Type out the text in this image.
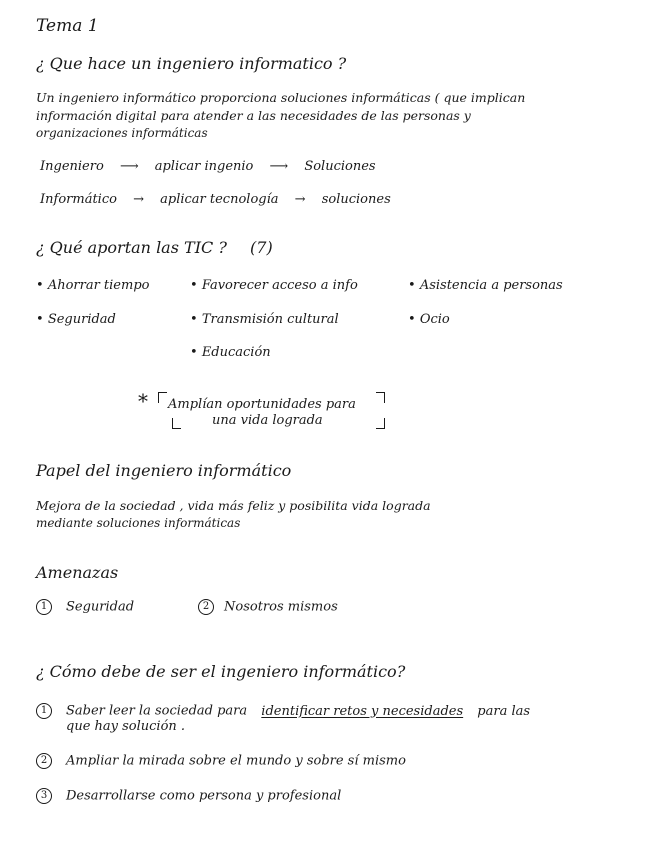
Tema 1
¿ Que hace un ingeniero informatico ?
Un ingeniero informático proporciona soluciones informáticas ( que implican
información digital para atender a las necesidades de las personas y
organizaciones informáticas
Ingeniero ⟶ aplicar ingenio ⟶ Soluciones
Informático → aplicar tecnología → soluciones
¿ Qué aportan las TIC ? (7)
• Ahorrar tiempo	• Favorecer acceso a info	• Asistencia a personas
• Seguridad	• Transmisión cultural	• Ocio
• Educación
* Amplían oportunidades para
una vida lograda
Papel del ingeniero informático
Mejora de la sociedad , vida más feliz y posibilita vida lograda
mediante soluciones informáticas
Amenazas
1 Seguridad	2 Nosotros mismos
¿ Cómo debe de ser el ingeniero informático?
1 Saber leer la sociedad para identificar retos y necesidades para las
que hay solución .
2 Ampliar la mirada sobre el mundo y sobre sí mismo
3 Desarrollarse como persona y profesional
